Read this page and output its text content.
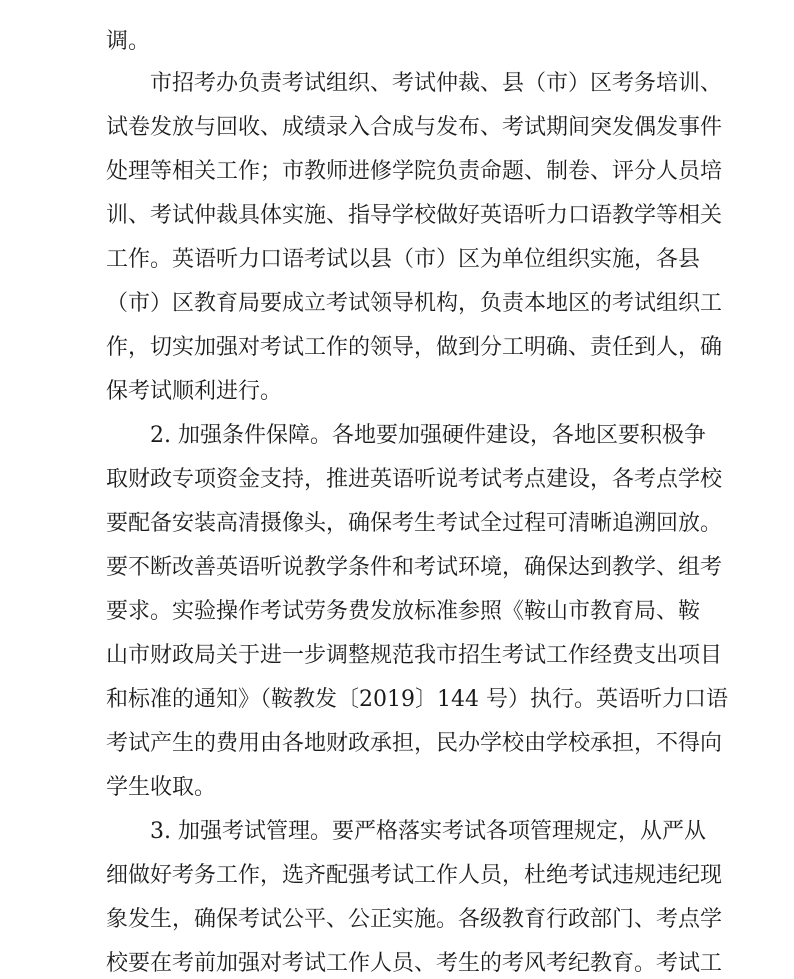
调。
市招考办负责考试组织、考试仲裁、县（市）区考务培训、
试卷发放与回收、成绩录入合成与发布、考试期间突发偶发事件
处理等相关工作；市教师进修学院负责命题、制卷、评分人员培
训、考试仲裁具体实施、指导学校做好英语听力口语教学等相关
工作。英语听力口语考试以县（市）区为单位组织实施，各县
（市）区教育局要成立考试领导机构，负责本地区的考试组织工
作，切实加强对考试工作的领导，做到分工明确、责任到人，确
保考试顺利进行。
2. 加强条件保障。各地要加强硬件建设，各地区要积极争
取财政专项资金支持，推进英语听说考试考点建设，各考点学校
要配备安装高清摄像头，确保考生考试全过程可清晰追溯回放。
要不断改善英语听说教学条件和考试环境，确保达到教学、组考
要求。实验操作考试劳务费发放标准参照《鞍山市教育局、鞍
山市财政局关于进一步调整规范我市招生考试工作经费支出项目
和标准的通知》（鞍教发〔2019〕144 号）执行。英语听力口语
考试产生的费用由各地财政承担，民办学校由学校承担，不得向
学生收取。
3. 加强考试管理。要严格落实考试各项管理规定，从严从
细做好考务工作，选齐配强考试工作人员，杜绝考试违规违纪现
象发生，确保考试公平、公正实施。各级教育行政部门、考点学
校要在考前加强对考试工作人员、考生的考风考纪教育。考试工
